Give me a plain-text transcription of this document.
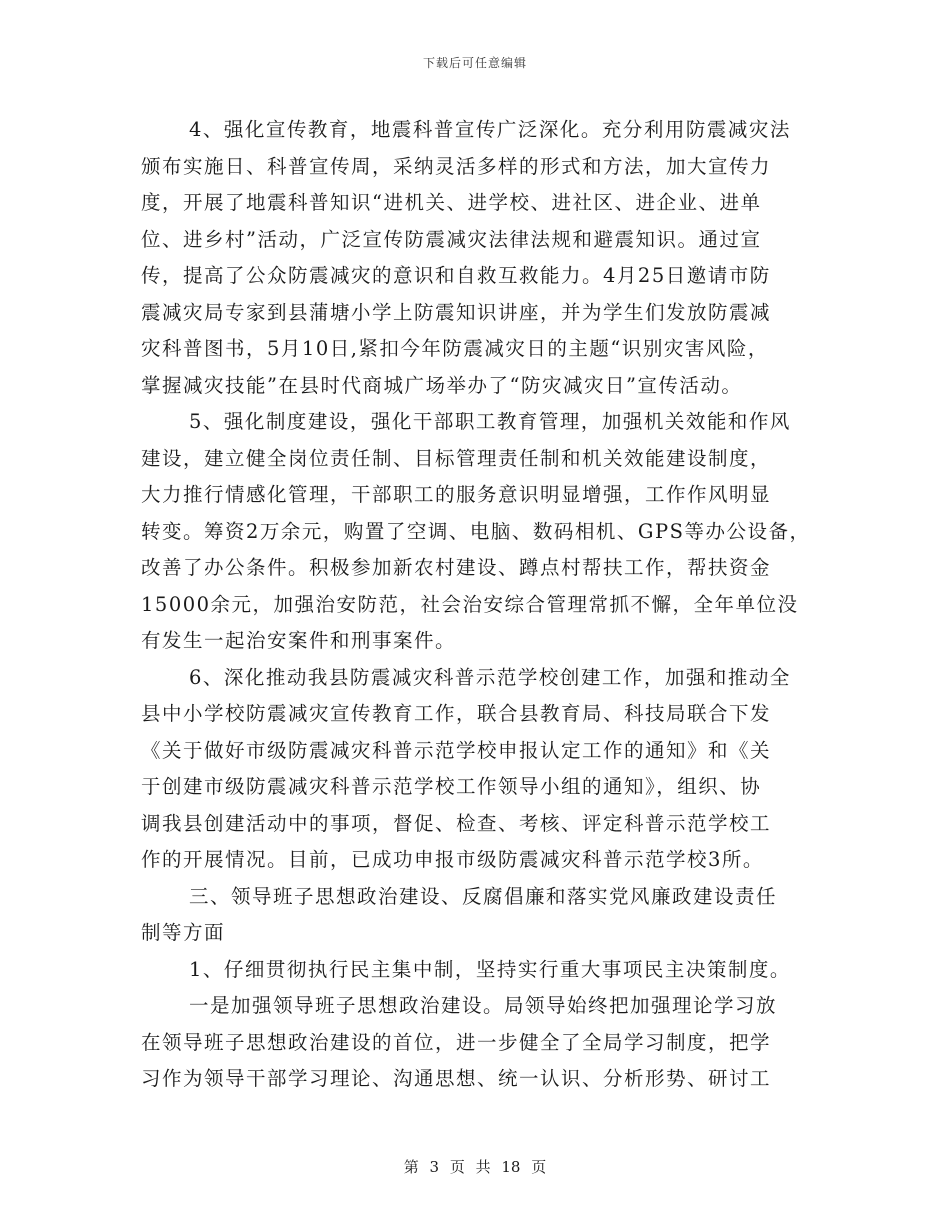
下载后可任意编辑
4、强化宣传教育，地震科普宣传广泛深化。充分利用防震减灾法
颁布实施日、科普宣传周，采纳灵活多样的形式和方法，加大宣传力
度，开展了地震科普知识“进机关、进学校、进社区、进企业、进单
位、进乡村”活动，广泛宣传防震减灾法律法规和避震知识。通过宣
传，提高了公众防震减灾的意识和自救互救能力。4月25日邀请市防
震减灾局专家到县蒲塘小学上防震知识讲座，并为学生们发放防震减
灾科普图书，5月10日,紧扣今年防震减灾日的主题“识别灾害风险，
掌握减灾技能”在县时代商城广场举办了“防灾减灾日”宣传活动。
5、强化制度建设，强化干部职工教育管理，加强机关效能和作风
建设，建立健全岗位责任制、目标管理责任制和机关效能建设制度，
大力推行情感化管理，干部职工的服务意识明显增强，工作作风明显
转变。筹资2万余元，购置了空调、电脑、数码相机、GPS等办公设备，
改善了办公条件。积极参加新农村建设、蹲点村帮扶工作，帮扶资金
15000余元，加强治安防范，社会治安综合管理常抓不懈，全年单位没
有发生一起治安案件和刑事案件。
6、深化推动我县防震减灾科普示范学校创建工作，加强和推动全
县中小学校防震减灾宣传教育工作，联合县教育局、科技局联合下发
《关于做好市级防震减灾科普示范学校申报认定工作的通知》和《关
于创建市级防震减灾科普示范学校工作领导小组的通知》，组织、协
调我县创建活动中的事项，督促、检查、考核、评定科普示范学校工
作的开展情况。目前，已成功申报市级防震减灾科普示范学校3所。
三、领导班子思想政治建设、反腐倡廉和落实党风廉政建设责任
制等方面
1、仔细贯彻执行民主集中制，坚持实行重大事项民主决策制度。
一是加强领导班子思想政治建设。局领导始终把加强理论学习放
在领导班子思想政治建设的首位，进一步健全了全局学习制度，把学
习作为领导干部学习理论、沟通思想、统一认识、分析形势、研讨工
第 3 页 共 18 页
